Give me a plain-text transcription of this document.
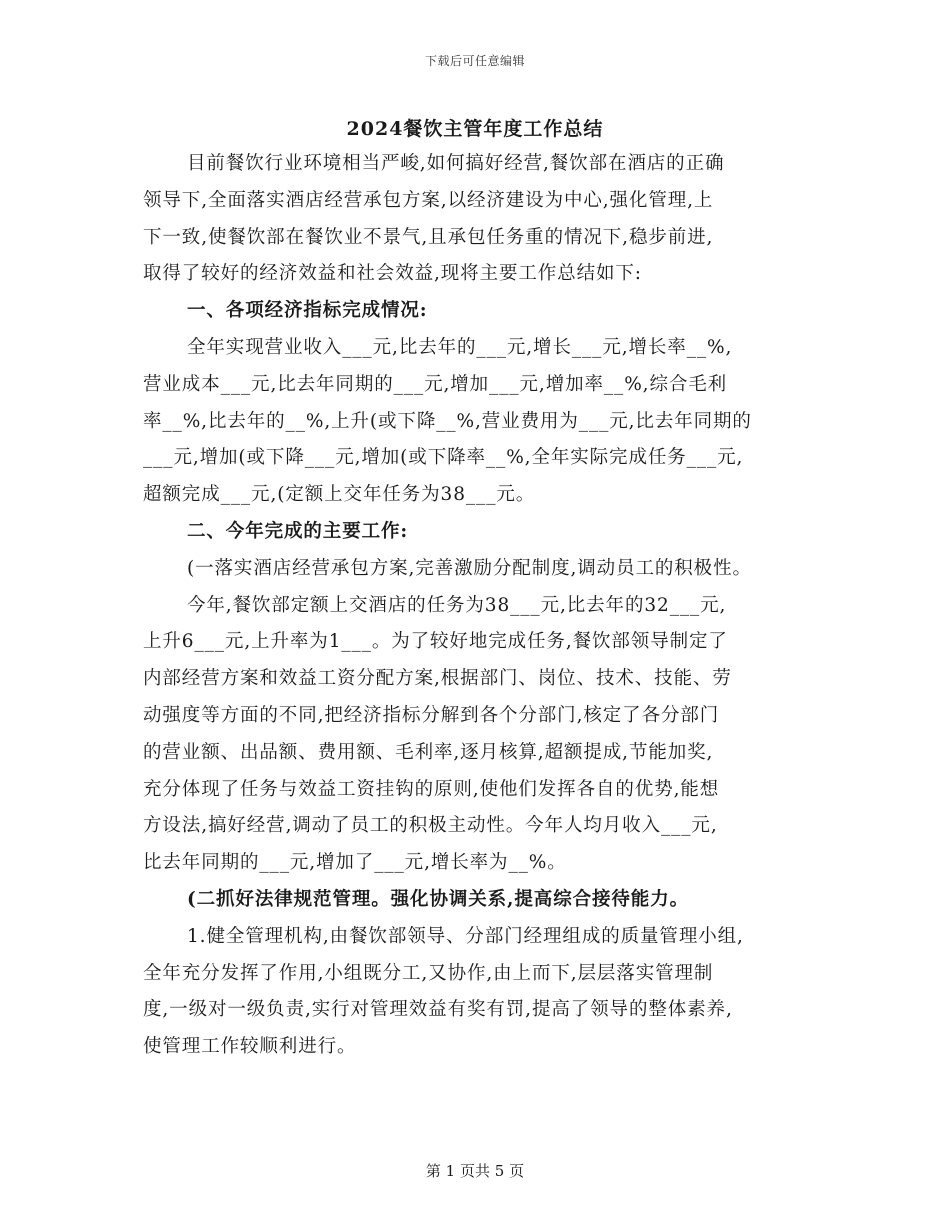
下载后可任意编辑
2024餐饮主管年度工作总结
目前餐饮行业环境相当严峻,如何搞好经营,餐饮部在酒店的正确
领导下,全面落实酒店经营承包方案,以经济建设为中心,强化管理,上
下一致,使餐饮部在餐饮业不景气,且承包任务重的情况下,稳步前进,
取得了较好的经济效益和社会效益,现将主要工作总结如下:
一、各项经济指标完成情况:
全年实现营业收入___元,比去年的___元,增长___元,增长率__%,
营业成本___元,比去年同期的___元,增加___元,增加率__%,综合毛利
率__%,比去年的__%,上升(或下降__%,营业费用为___元,比去年同期的
___元,增加(或下降___元,增加(或下降率__%,全年实际完成任务___元,
超额完成___元,(定额上交年任务为38___元。
二、今年完成的主要工作:
(一落实酒店经营承包方案,完善激励分配制度,调动员工的积极性。
今年,餐饮部定额上交酒店的任务为38___元,比去年的32___元,
上升6___元,上升率为1___。为了较好地完成任务,餐饮部领导制定了
内部经营方案和效益工资分配方案,根据部门、岗位、技术、技能、劳
动强度等方面的不同,把经济指标分解到各个分部门,核定了各分部门
的营业额、出品额、费用额、毛利率,逐月核算,超额提成,节能加奖,
充分体现了任务与效益工资挂钩的原则,使他们发挥各自的优势,能想
方设法,搞好经营,调动了员工的积极主动性。今年人均月收入___元,
比去年同期的___元,增加了___元,增长率为__%。
(二抓好法律规范管理。强化协调关系,提高综合接待能力。
1.健全管理机构,由餐饮部领导、分部门经理组成的质量管理小组,
全年充分发挥了作用,小组既分工,又协作,由上而下,层层落实管理制
度,一级对一级负责,实行对管理效益有奖有罚,提高了领导的整体素养,
使管理工作较顺利进行。
第 1 页共 5 页
